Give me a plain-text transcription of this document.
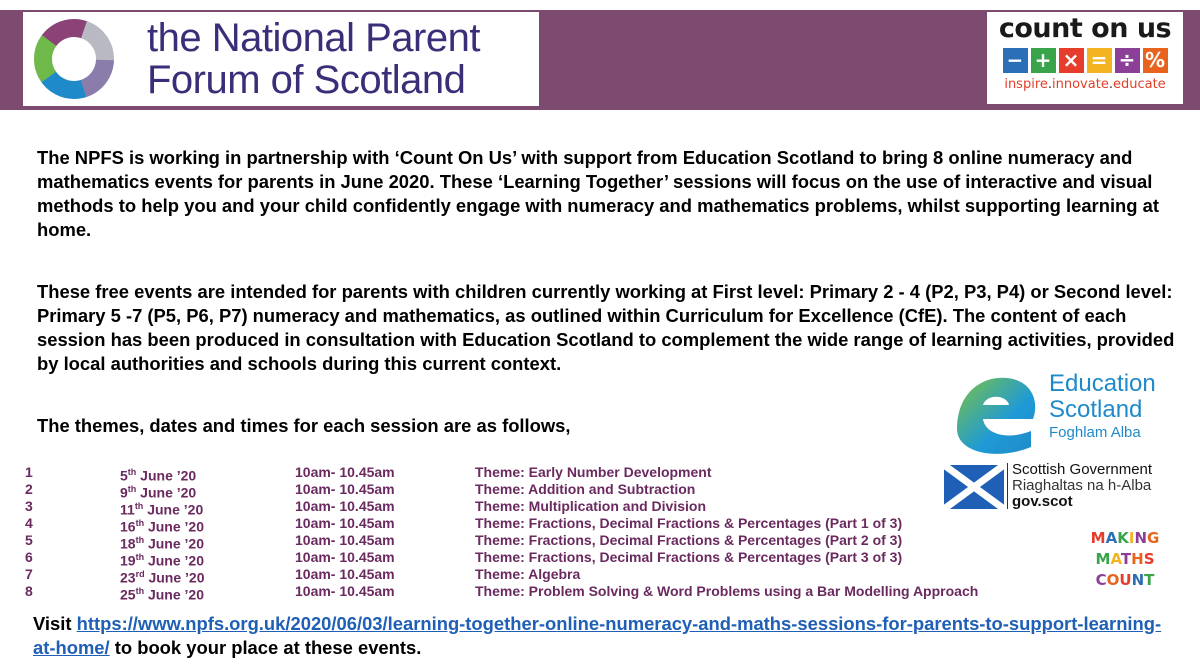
the National Parent Forum of Scotland
count on us
− + × = ÷ %
inspire.innovate.educate

The NPFS is working in partnership with ‘Count On Us’ with support from Education Scotland to bring 8 online numeracy and mathematics events for parents in June 2020. These ‘Learning Together’ sessions will focus on the use of interactive and visual methods to help you and your child confidently engage with numeracy and mathematics problems, whilst supporting learning at home.

These free events are intended for parents with children currently working at First level: Primary 2 - 4 (P2, P3, P4) or Second level: Primary 5 -7 (P5, P6, P7) numeracy and mathematics, as outlined within Curriculum for Excellence (CfE). The content of each session has been produced in consultation with Education Scotland to complement the wide range of learning activities, provided by local authorities and schools during this current context.

The themes, dates and times for each session are as follows,

1	5th June ’20	10am- 10.45am	Theme: Early Number Development
2	9th June ’20	10am- 10.45am	Theme: Addition and Subtraction
3	11th June ’20	10am- 10.45am	Theme: Multiplication and Division
4	16th June ’20	10am- 10.45am	Theme: Fractions, Decimal Fractions & Percentages (Part 1 of 3)
5	18th June ’20	10am- 10.45am	Theme: Fractions, Decimal Fractions & Percentages (Part 2 of 3)
6	19th June ’20	10am- 10.45am	Theme: Fractions, Decimal Fractions & Percentages (Part 3 of 3)
7	23rd June ’20	10am- 10.45am	Theme: Algebra
8	25th June ’20	10am- 10.45am	Theme: Problem Solving & Word Problems using a Bar Modelling Approach

Visit https://www.npfs.org.uk/2020/06/03/learning-together-online-numeracy-and-maths-sessions-for-parents-to-support-learning-at-home/ to book your place at these events.

Education
Scotland
Foghlam Alba
Scottish Government
Riaghaltas na h-Alba
gov.scot
MAKING
MATHS
COUNT
